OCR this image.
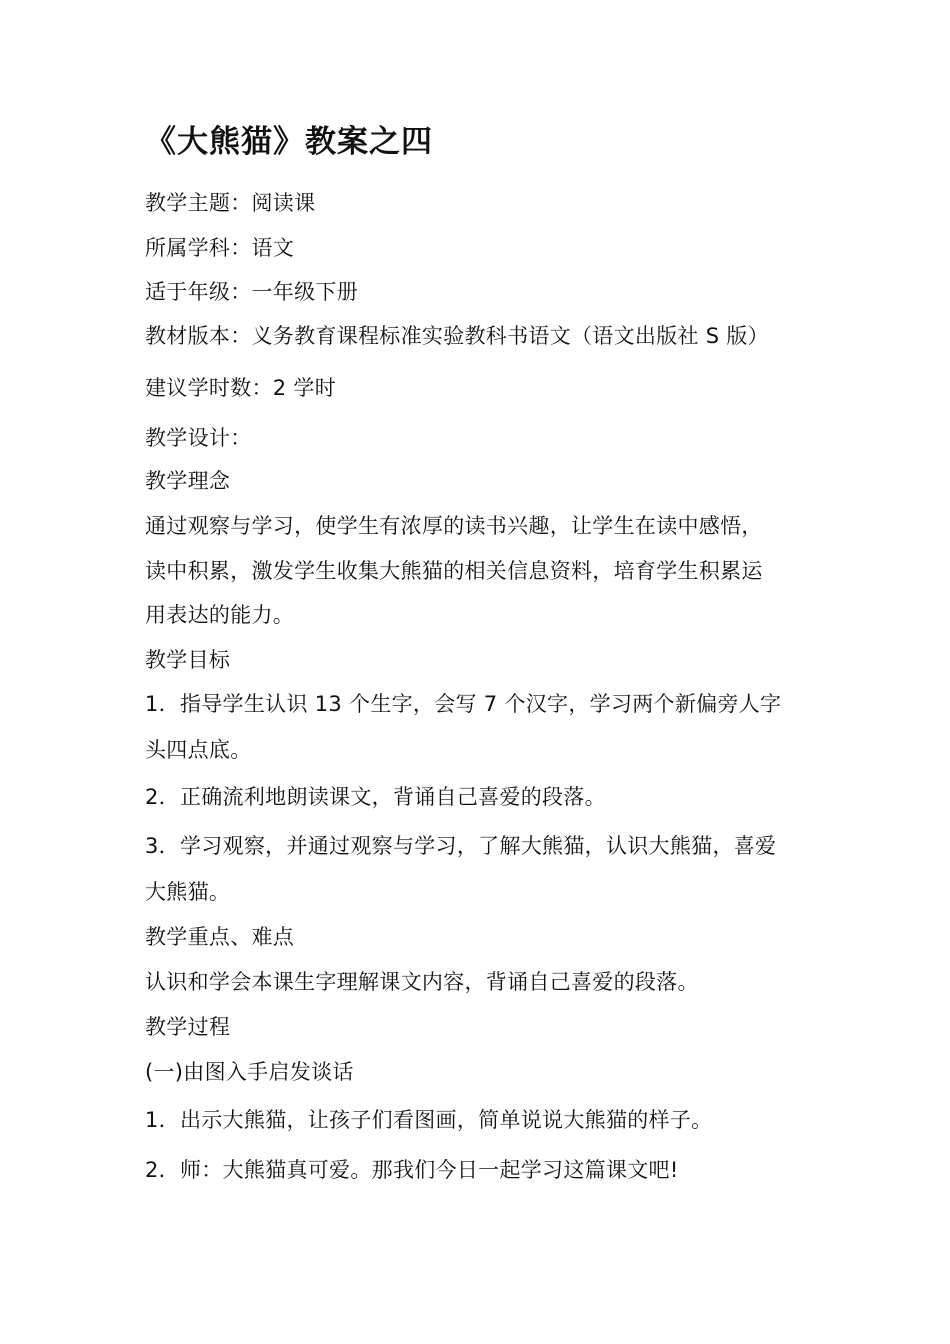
《大熊猫》教案之四
教学主题：阅读课
所属学科：语文
适于年级：一年级下册
教材版本：义务教育课程标准实验教科书语文（语文出版社 S 版）
建议学时数：2 学时
教学设计：
教学理念
通过观察与学习，使学生有浓厚的读书兴趣，让学生在读中感悟，
读中积累，激发学生收集大熊猫的相关信息资料，培育学生积累运
用表达的能力。
教学目标
1．指导学生认识 13 个生字，会写 7 个汉字，学习两个新偏旁人字
头四点底。
2．正确流利地朗读课文，背诵自己喜爱的段落。
3．学习观察，并通过观察与学习，了解大熊猫，认识大熊猫，喜爱
大熊猫。
教学重点、难点
认识和学会本课生字理解课文内容，背诵自己喜爱的段落。
教学过程
(一)由图入手启发谈话
1．出示大熊猫，让孩子们看图画，简单说说大熊猫的样子。
2．师：大熊猫真可爱。那我们今日一起学习这篇课文吧!
